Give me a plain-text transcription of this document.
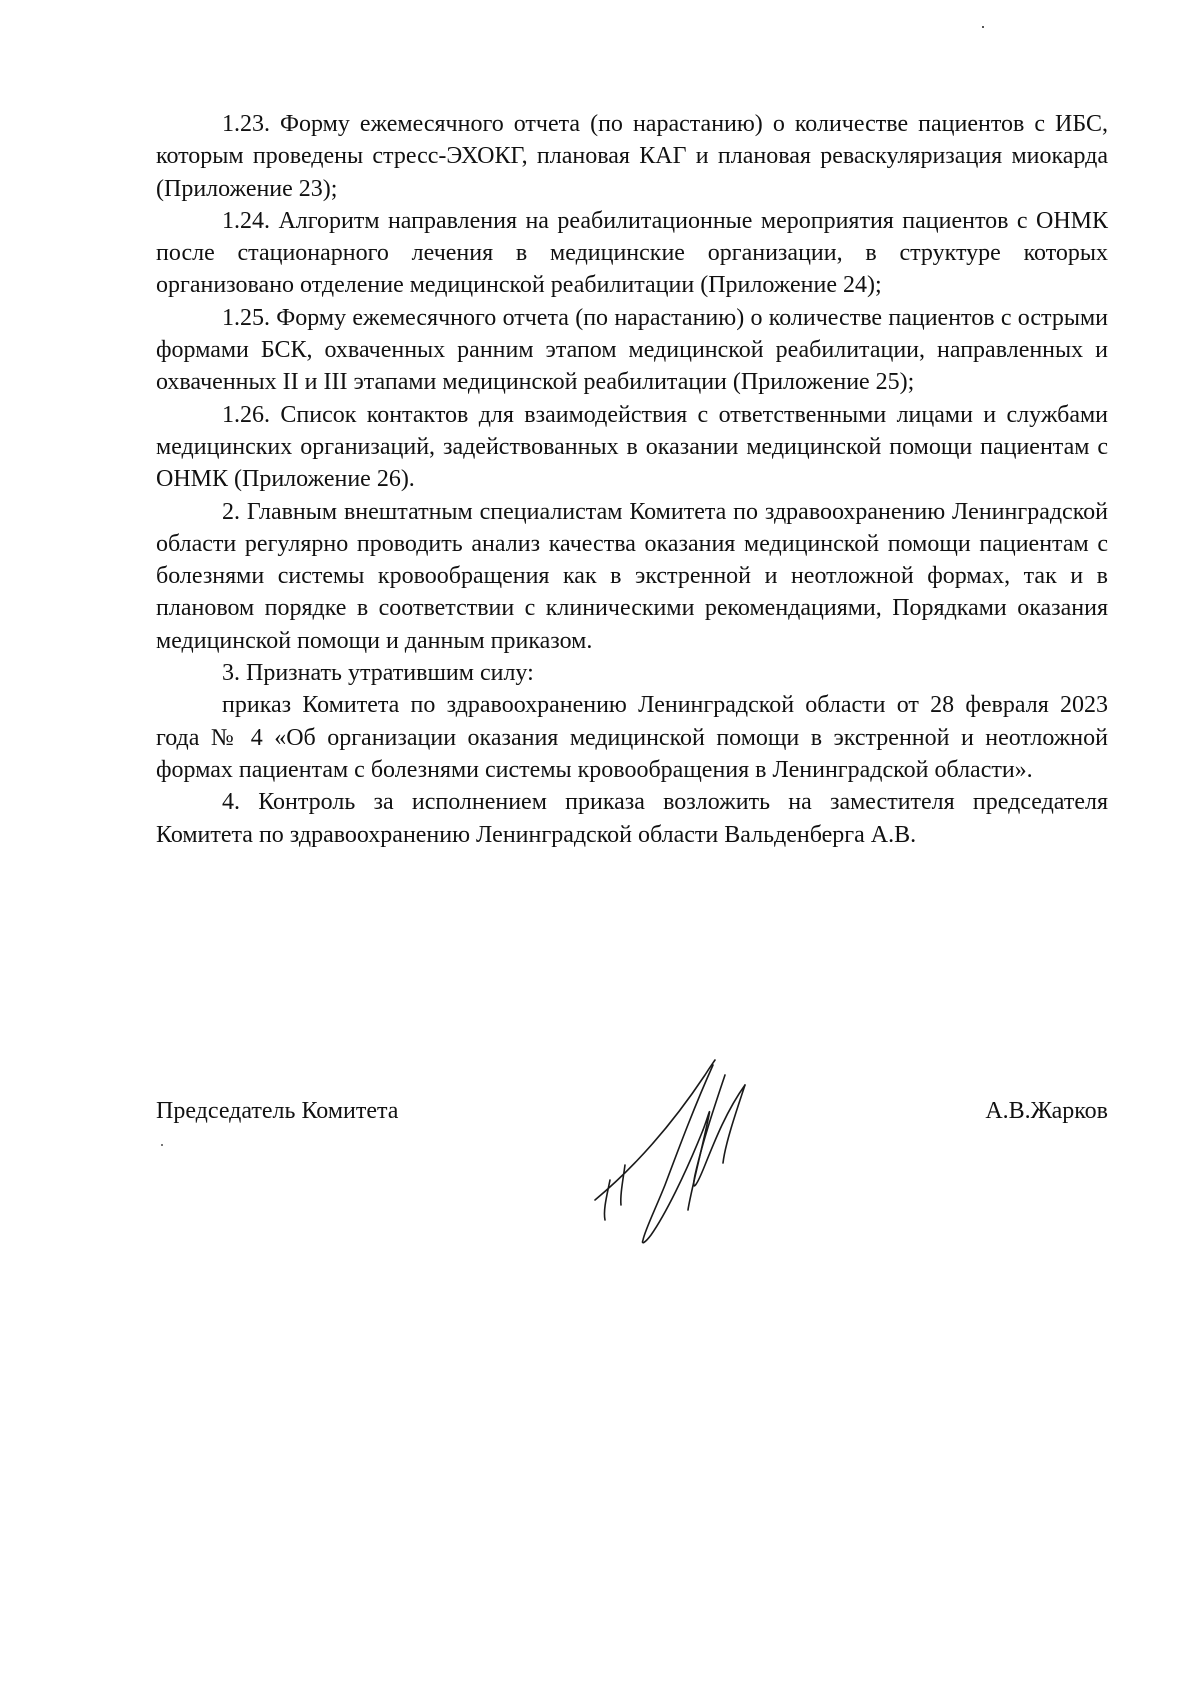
1.23. Форму ежемесячного отчета (по нарастанию) о количестве пациентов с ИБС, которым проведены стресс-ЭХОКГ, плановая КАГ и плановая реваскуляризация миокарда (Приложение 23);

1.24. Алгоритм направления на реабилитационные мероприятия пациентов с ОНМК после стационарного лечения в медицинские организации, в структуре которых организовано отделение медицинской реабилитации (Приложение 24);

1.25. Форму ежемесячного отчета (по нарастанию) о количестве пациентов с острыми формами БСК, охваченных ранним этапом медицинской реабилитации, направленных и охваченных II и III этапами медицинской реабилитации (Приложение 25);

1.26. Список контактов для взаимодействия с ответственными лицами и службами медицинских организаций, задействованных в оказании медицинской помощи пациентам с ОНМК (Приложение 26).

2. Главным внештатным специалистам Комитета по здравоохранению Ленинградской области регулярно проводить анализ качества оказания медицинской помощи пациентам с болезнями системы кровообращения как в экстренной и неотложной формах, так и в плановом порядке в соответствии с клиническими рекомендациями, Порядками оказания медицинской помощи и данным приказом.

3. Признать утратившим силу:

приказ Комитета по здравоохранению Ленинградской области от 28 февраля 2023 года № 4 «Об организации оказания медицинской помощи в экстренной и неотложной формах пациентам с болезнями системы кровообращения в Ленинградской области».

4. Контроль за исполнением приказа возложить на заместителя председателя Комитета по здравоохранению Ленинградской области Вальденберга А.В.

Председатель Комитета	А.В.Жарков
